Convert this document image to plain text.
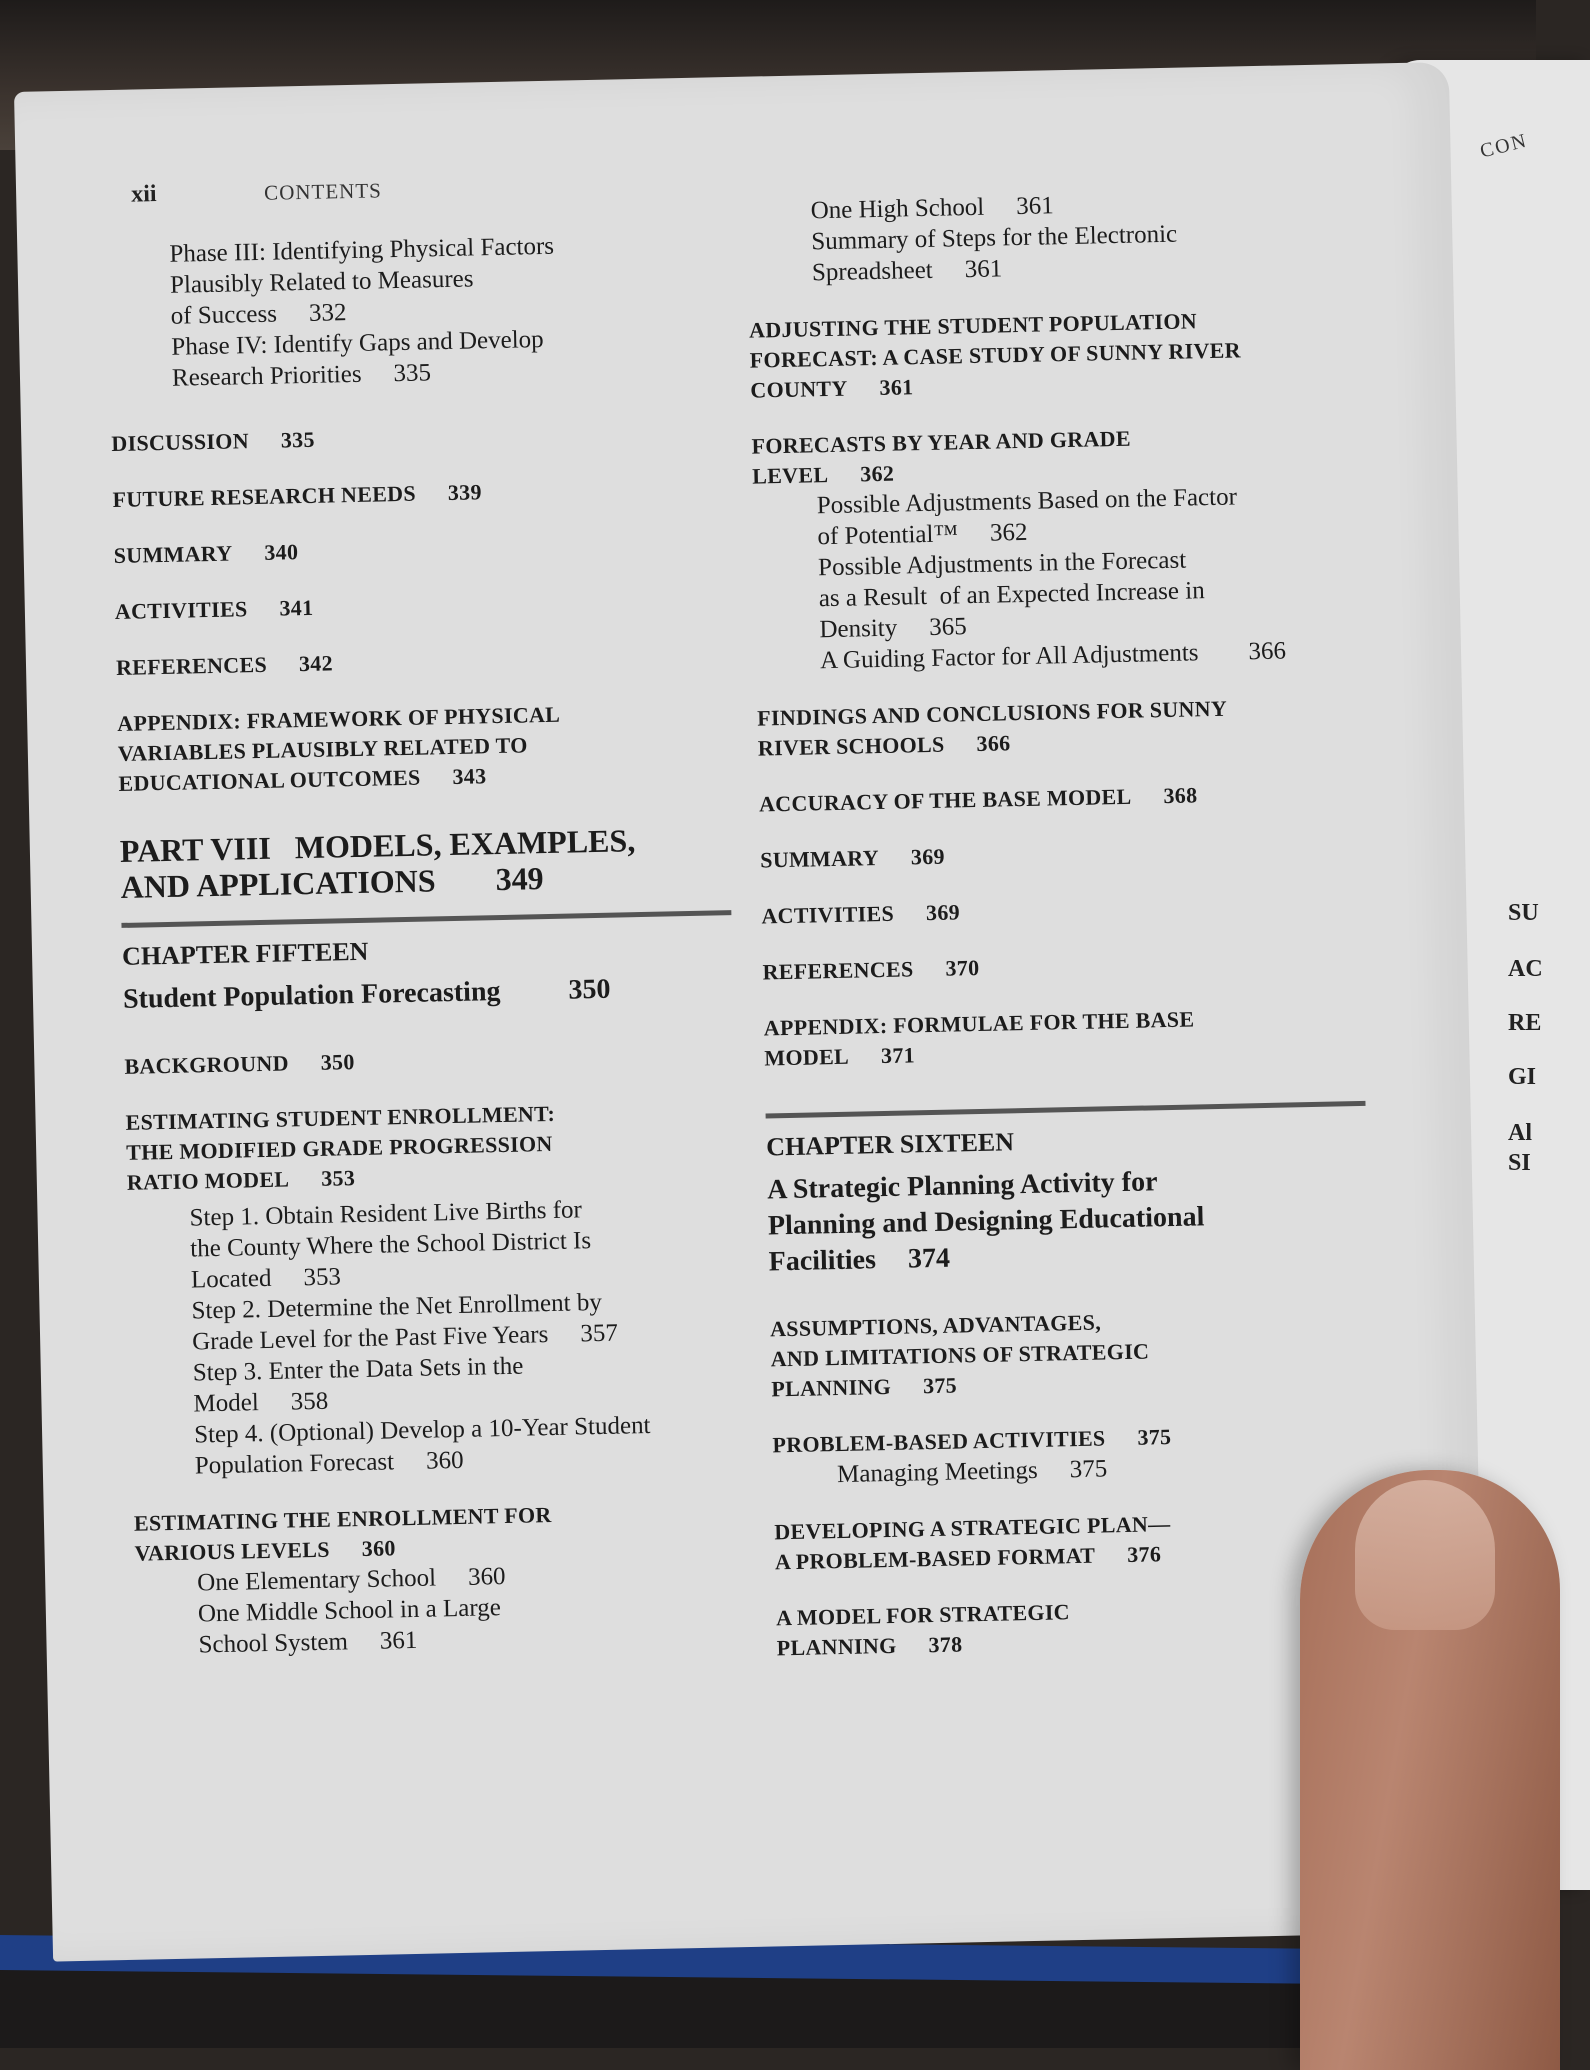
CON
SU
AC
RE
GI
Al
SI
xii	CONTENTS
Phase III: Identifying Physical Factors
Plausibly Related to Measures
of Success 332
Phase IV: Identify Gaps and Develop
Research Priorities 335
DISCUSSION 335
FUTURE RESEARCH NEEDS 339
SUMMARY 340
ACTIVITIES 341
REFERENCES 342
APPENDIX: FRAMEWORK OF PHYSICAL
VARIABLES PLAUSIBLY RELATED TO
EDUCATIONAL OUTCOMES 343
PART VIII   MODELS, EXAMPLES,
AND APPLICATIONS 349
CHAPTER FIFTEEN
Student Population Forecasting 350
BACKGROUND 350
ESTIMATING STUDENT ENROLLMENT:
THE MODIFIED GRADE PROGRESSION
RATIO MODEL 353
Step 1. Obtain Resident Live Births for
the County Where the School District Is
Located 353
Step 2. Determine the Net Enrollment by
Grade Level for the Past Five Years 357
Step 3. Enter the Data Sets in the
Model 358
Step 4. (Optional) Develop a 10-Year Student
Population Forecast 360
ESTIMATING THE ENROLLMENT FOR
VARIOUS LEVELS 360
One Elementary School 360
One Middle School in a Large
School System 361
One High School 361
Summary of Steps for the Electronic
Spreadsheet 361
ADJUSTING THE STUDENT POPULATION
FORECAST: A CASE STUDY OF SUNNY RIVER
COUNTY 361
FORECASTS BY YEAR AND GRADE
LEVEL 362
Possible Adjustments Based on the Factor
of Potential™ 362
Possible Adjustments in the Forecast
as a Result  of an Expected Increase in
Density 365
A Guiding Factor for All Adjustments 366
FINDINGS AND CONCLUSIONS FOR SUNNY
RIVER SCHOOLS 366
ACCURACY OF THE BASE MODEL 368
SUMMARY 369
ACTIVITIES 369
REFERENCES 370
APPENDIX: FORMULAE FOR THE BASE
MODEL 371
CHAPTER SIXTEEN
A Strategic Planning Activity for
Planning and Designing Educational
Facilities 374
ASSUMPTIONS, ADVANTAGES,
AND LIMITATIONS OF STRATEGIC
PLANNING 375
PROBLEM-BASED ACTIVITIES 375
Managing Meetings 375
DEVELOPING A STRATEGIC PLAN—
A PROBLEM-BASED FORMAT 376
A MODEL FOR STRATEGIC
PLANNING 378
